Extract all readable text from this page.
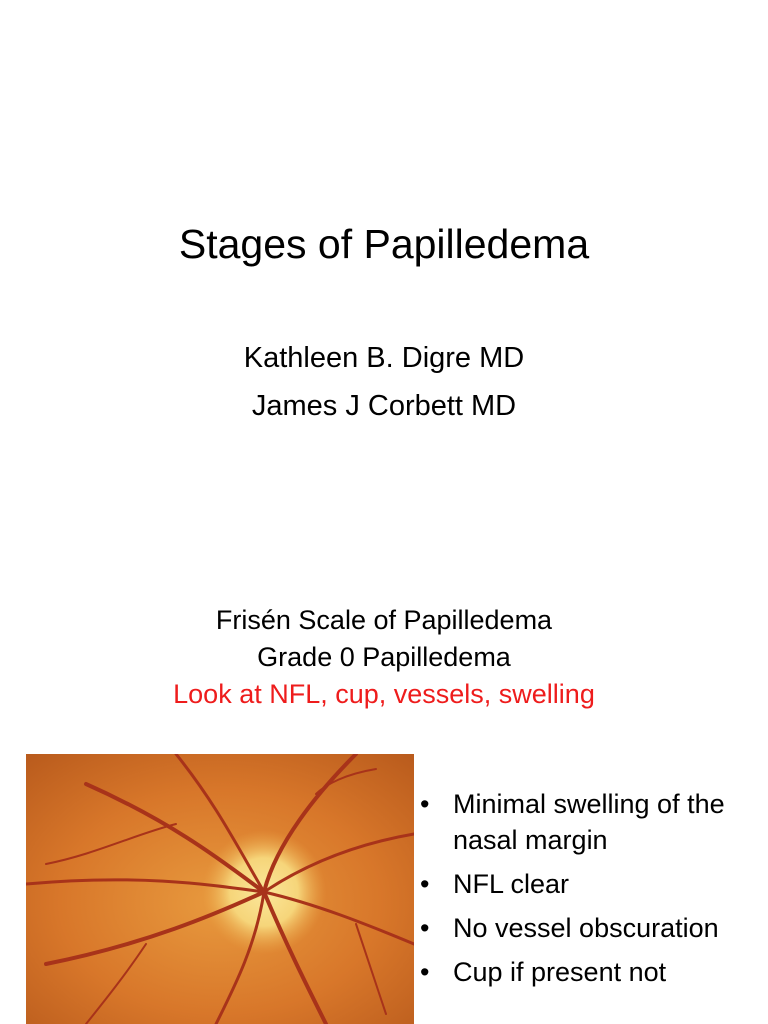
Stages of Papilledema
Kathleen B. Digre MD
James J Corbett MD
Frisén Scale of Papilledema
Grade 0 Papilledema
Look at NFL, cup, vessels, swelling
• Minimal swelling of the nasal margin
• NFL clear
• No vessel obscuration
• Cup if present not
